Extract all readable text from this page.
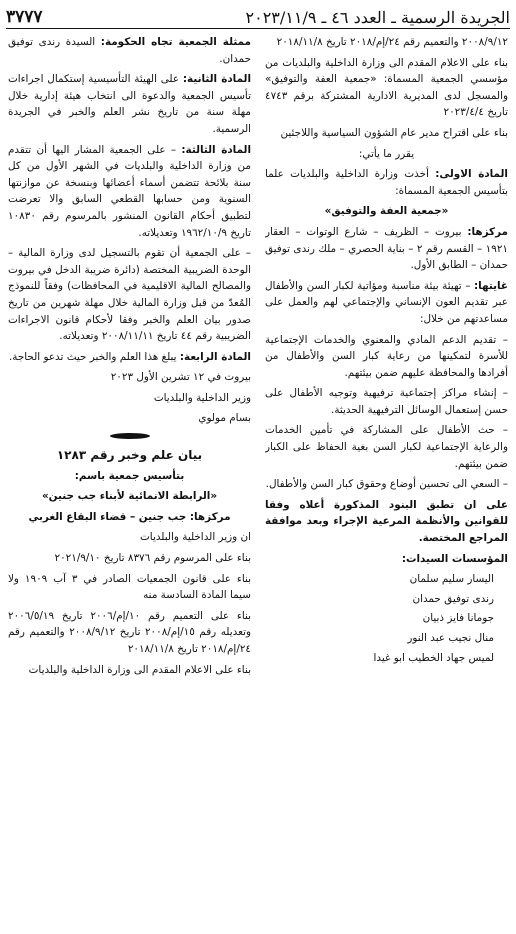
الجريدة الرسمية ـ العدد ٤٦ ـ ٢٠٢٣/١١/٩
٣٧٧٧

٢٠٠٨/٩/١٢ والتعميم رقم ٢٤/إم/٢٠١٨ تاريخ ٢٠١٨/١١/٨

بناء على الاعلام المقدم الى وزارة الداخلية والبلديات من مؤسسي الجمعية المسماة: «جمعية العفة والتوفيق» والمسجل لدى المديرية الادارية المشتركة برقم ٤٧٤٣ تاريخ ٢٠٢٣/٤/٤

بناء على اقتراح مدير عام الشؤون السياسية واللاجئين

يقرر ما يأتي:

المادة الاولى: أخذت وزارة الداخلية والبلديات علما بتأسيس الجمعية المسماة:

«جمعية العفة والتوفيق»

مركزها: بيروت – الظريف – شارع الوتوات – العقار ١٩٢١ – القسم رقم ٢ – بناية الحصري – ملك رندى توفيق حمدان – الطابق الأول.

غايتها: – تهيئة بيئة مناسبة ومؤاتية لكبار السن والأطفال عبر تقديم العون الإنساني والإجتماعي لهم والعمل على مساعدتهم من خلال:

– تقديم الدعم المادي والمعنوي والخدمات الإجتماعية للأسرة لتمكينها من رعاية كبار السن والأطفال من أفرادها والمحافظة عليهم ضمن بيئتهم.

– إنشاء مراكز إجتماعية ترفيهية وتوجيه الأطفال على حسن إستعمال الوسائل الترفيهية الحديثة.

– حث الأطفال على المشاركة في تأمين الخدمات والرعاية الإجتماعية لكبار السن بغية الحفاظ على الكبار ضمن بيئتهم.

– السعي الى تحسين أوضاع وحقوق كبار السن والأطفال.

على ان تطبق البنود المذكورة أعلاه وفقا للقوانين والأنظمة المرعية الإجراء وبعد موافقة المراجع المختصة.

المؤسسات السيدات:

اليسار سليم سلمان

رندى توفيق حمدان

جومانا فايز ذبيان

منال نجيب عبد النور

لميس جهاد الخطيب ابو غيدا

ممثلة الجمعية تجاه الحكومة: السيدة رندى توفيق حمدان.

المادة الثانية: على الهيئة التأسيسية إستكمال اجراءات تأسيس الجمعية والدعوة الى انتخاب هيئة إدارية خلال مهلة سنة من تاريخ نشر العلم والخبر في الجريدة الرسمية.

المادة الثالثة: – على الجمعية المشار اليها أن تتقدم من وزارة الداخلية والبلديات في الشهر الأول من كل سنة بلائحة تتضمن أسماء أعضائها وبنسخة عن موازنتها السنوية ومن حسابها القطعي السابق والا تعرضت لتطبيق أحكام القانون المنشور بالمرسوم رقم ١٠٨٣٠ تاريخ ١٩٦٢/١٠/٩ وتعديلاته.

– على الجمعية أن تقوم بالتسجيل لدى وزارة المالية – الوحدة الضريبية المختصة (دائرة ضريبة الدخل في بيروت والمصالح المالية الاقليمية في المحافظات) وفقاً للنموذج المُعدّ من قبل وزارة المالية خلال مهلة شهرين من تاريخ صدور بيان العلم والخبر وفقا لأحكام قانون الاجراءات الضريبية رقم ٤٤ تاريخ ٢٠٠٨/١١/١١ وتعديلاته.

المادة الرابعة: يبلغ هذا العلم والخبر حيث تدعو الحاجة.

بيروت في ١٢ تشرين الأول ٢٠٢٣

وزير الداخلية والبلديات

بسام مولوي

بيان علم وخبر رقم ١٢٨٣

بتأسيس جمعية باسم:

«الرابطة الانمائية لأبناء جب جنين»

مركزها: جب جنين – قضاء البقاع الغربي

ان وزير الداخلية والبلديات

بناء على المرسوم رقم ٨٣٧٦ تاريخ ٢٠٢١/٩/١٠

بناء على قانون الجمعيات الصادر في ٣ آب ١٩٠٩ ولا سيما المادة السادسة منه

بناء على التعميم رقم ١٠/إم/٢٠٠٦ تاريخ ٢٠٠٦/٥/١٩ وتعديله رقم ١٥/إم/٢٠٠٨ تاريخ ٢٠٠٨/٩/١٢ والتعميم رقم ٢٤/إم/٢٠١٨ تاريخ ٢٠١٨/١١/٨

بناء على الاعلام المقدم الى وزارة الداخلية والبلديات
